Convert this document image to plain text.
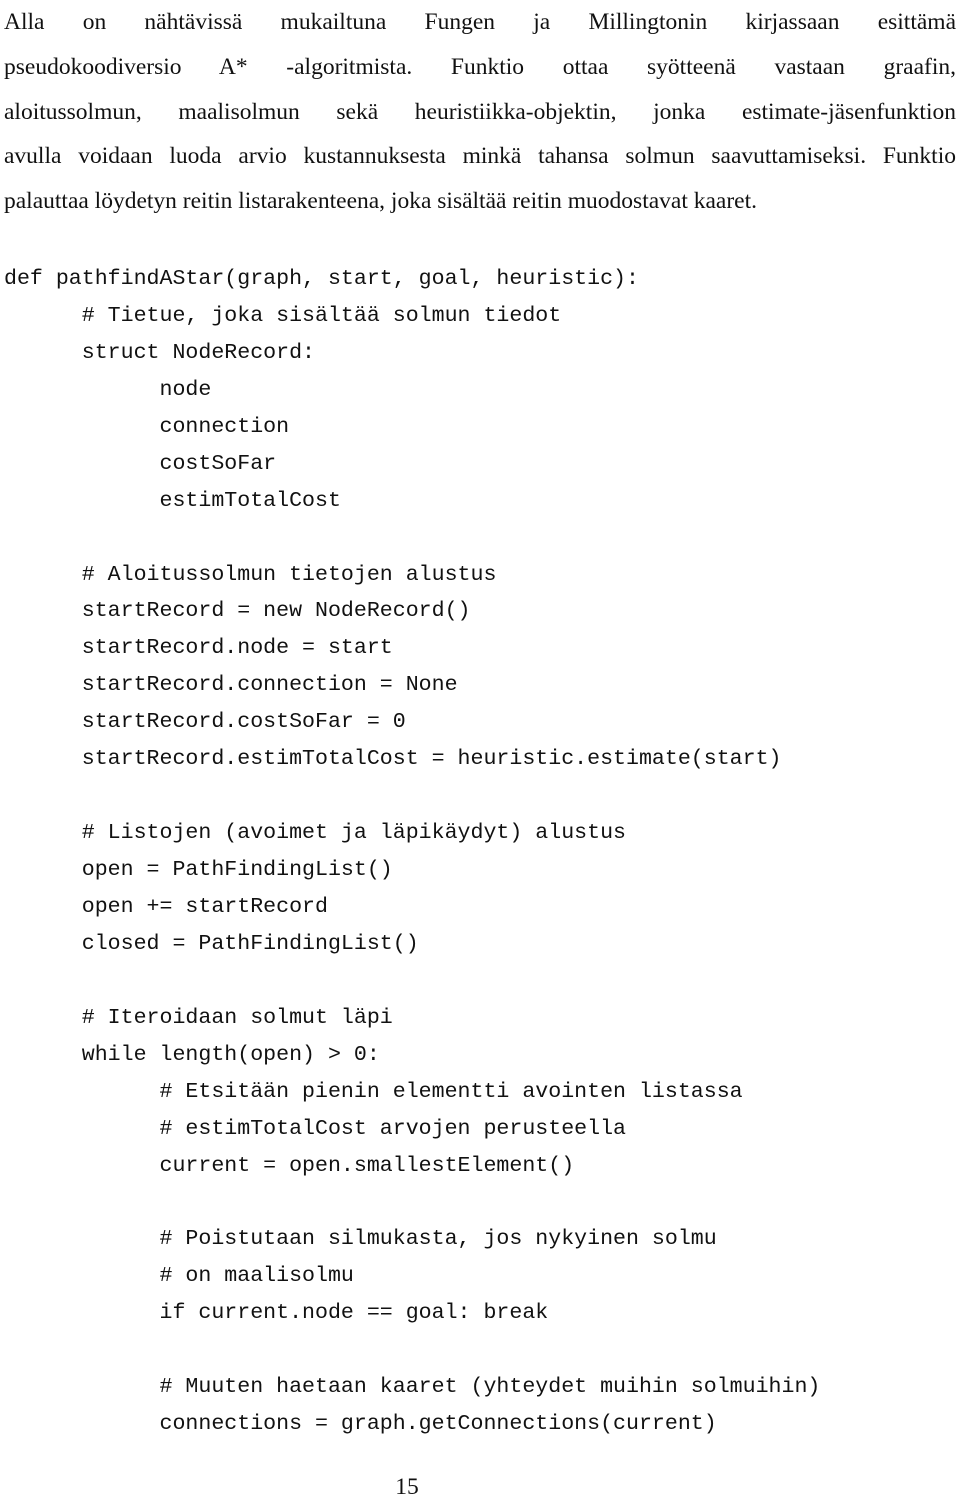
Alla on nähtävissä mukailtuna Fungen ja Millingtonin kirjassaan esittämä
pseudokoodiversio A* -algoritmista. Funktio ottaa syötteenä vastaan graafin,
aloitussolmun, maalisolmun sekä heuristiikka-objektin, jonka estimate-jäsenfunktion
avulla voidaan luoda arvio kustannuksesta minkä tahansa solmun saavuttamiseksi. Funktio
palauttaa löydetyn reitin listarakenteena, joka sisältää reitin muodostavat kaaret.
def pathfindAStar(graph, start, goal, heuristic):
# Tietue, joka sisältää solmun tiedot
struct NodeRecord:
node
connection
costSoFar
estimTotalCost
# Aloitussolmun tietojen alustus
startRecord = new NodeRecord()
startRecord.node = start
startRecord.connection = None
startRecord.costSoFar = 0
startRecord.estimTotalCost = heuristic.estimate(start)
# Listojen (avoimet ja läpikäydyt) alustus
open = PathFindingList()
open += startRecord
closed = PathFindingList()
# Iteroidaan solmut läpi
while length(open) > 0:
# Etsitään pienin elementti avointen listassa
# estimTotalCost arvojen perusteella
current = open.smallestElement()
# Poistutaan silmukasta, jos nykyinen solmu
# on maalisolmu
if current.node == goal: break
# Muuten haetaan kaaret (yhteydet muihin solmuihin)
connections = graph.getConnections(current)
15
